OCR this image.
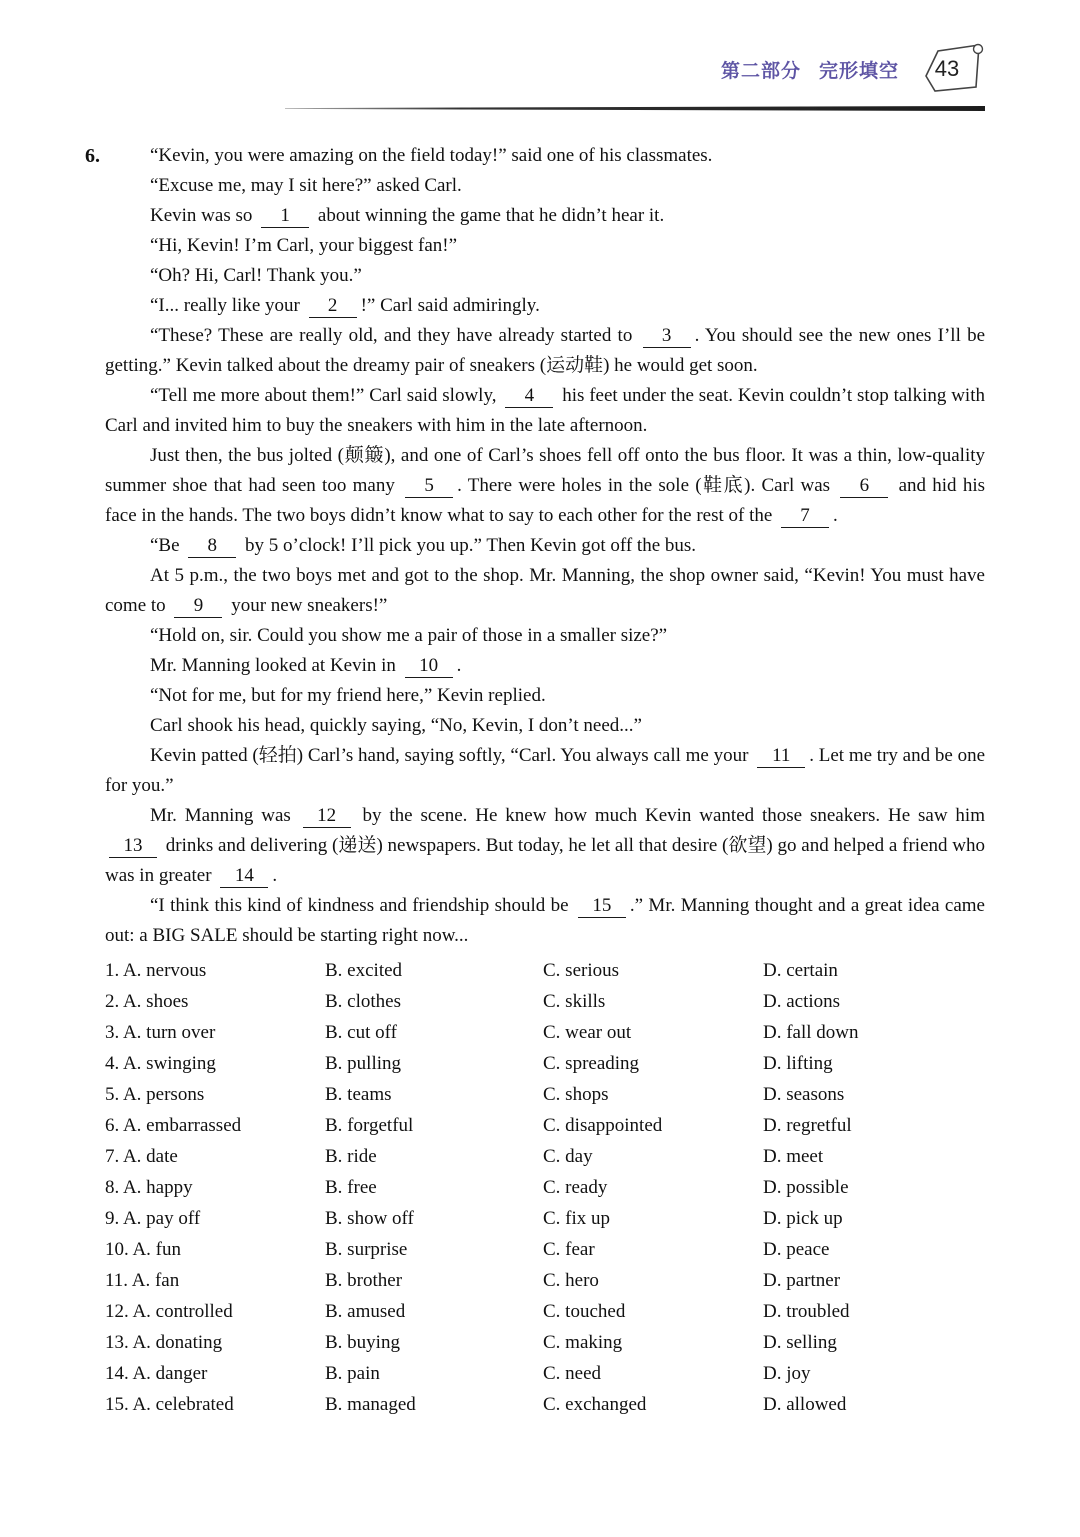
第二部分 完形填空 43
6.	“Kevin, you were amazing on the field today!” said one of his classmates.

“Excuse me, may I sit here?” asked Carl.

Kevin was so 1 about winning the game that he didn’t hear it.

“Hi, Kevin! I’m Carl, your biggest fan!”

“Oh? Hi, Carl! Thank you.”

“I... really like your 2 !” Carl said admiringly.

“These? These are really old, and they have already started to 3 . You should see the new ones I’ll be getting.” Kevin talked about the dreamy pair of sneakers (运动鞋) he would get soon.

“Tell me more about them!” Carl said slowly, 4 his feet under the seat. Kevin couldn’t stop talking with Carl and invited him to buy the sneakers with him in the late afternoon.

Just then, the bus jolted (颠簸), and one of Carl’s shoes fell off onto the bus floor. It was a thin, low-quality summer shoe that had seen too many 5 . There were holes in the sole (鞋底). Carl was 6 and hid his face in the hands. The two boys didn’t know what to say to each other for the rest of the 7 .

“Be 8 by 5 o’clock! I’ll pick you up.” Then Kevin got off the bus.

At 5 p.m., the two boys met and got to the shop. Mr. Manning, the shop owner said, “Kevin! You must have come to 9 your new sneakers!”

“Hold on, sir. Could you show me a pair of those in a smaller size?”

Mr. Manning looked at Kevin in 10 .

“Not for me, but for my friend here,” Kevin replied.

Carl shook his head, quickly saying, “No, Kevin, I don’t need...”

Kevin patted (轻拍) Carl’s hand, saying softly, “Carl. You always call me your 11 . Let me try and be one for you.”

Mr. Manning was 12 by the scene. He knew how much Kevin wanted those sneakers. He saw him 13 drinks and delivering (递送) newspapers. But today, he let all that desire (欲望) go and helped a friend who was in greater 14 .

“I think this kind of kindness and friendship should be 15 .” Mr. Manning thought and a great idea came out: a BIG SALE should be starting right now...

1. A. nervous	B. excited	C. serious	D. certain
2. A. shoes	B. clothes	C. skills	D. actions
3. A. turn over	B. cut off	C. wear out	D. fall down
4. A. swinging	B. pulling	C. spreading	D. lifting
5. A. persons	B. teams	C. shops	D. seasons
6. A. embarrassed	B. forgetful	C. disappointed	D. regretful
7. A. date	B. ride	C. day	D. meet
8. A. happy	B. free	C. ready	D. possible
9. A. pay off	B. show off	C. fix up	D. pick up
10. A. fun	B. surprise	C. fear	D. peace
11. A. fan	B. brother	C. hero	D. partner
12. A. controlled	B. amused	C. touched	D. troubled
13. A. donating	B. buying	C. making	D. selling
14. A. danger	B. pain	C. need	D. joy
15. A. celebrated	B. managed	C. exchanged	D. allowed
